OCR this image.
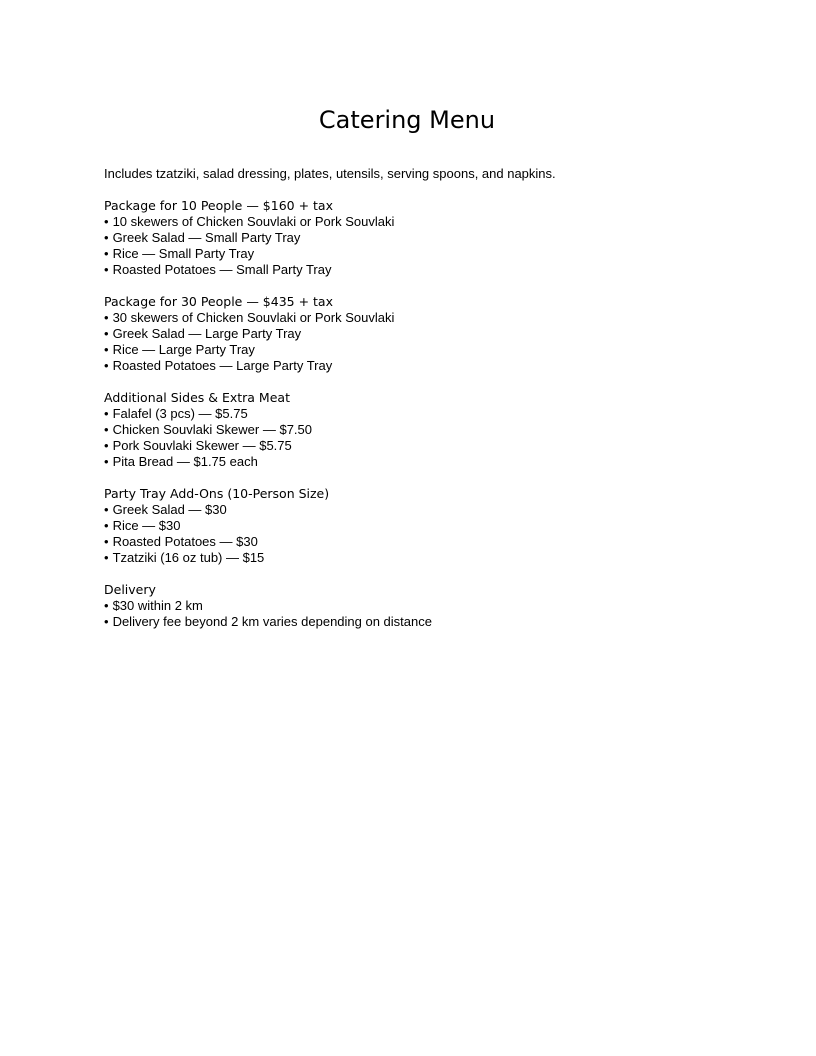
Catering Menu

Includes tzatziki, salad dressing, plates, utensils, serving spoons, and napkins.

Package for 10 People — $160 + tax
• 10 skewers of Chicken Souvlaki or Pork Souvlaki
• Greek Salad — Small Party Tray
• Rice — Small Party Tray
• Roasted Potatoes — Small Party Tray
Package for 30 People — $435 + tax
• 30 skewers of Chicken Souvlaki or Pork Souvlaki
• Greek Salad — Large Party Tray
• Rice — Large Party Tray
• Roasted Potatoes — Large Party Tray
Additional Sides & Extra Meat
• Falafel (3 pcs) — $5.75
• Chicken Souvlaki Skewer — $7.50
• Pork Souvlaki Skewer — $5.75
• Pita Bread — $1.75 each
Party Tray Add-Ons (10-Person Size)
• Greek Salad — $30
• Rice — $30
• Roasted Potatoes — $30
• Tzatziki (16 oz tub) — $15
Delivery
• $30 within 2 km
• Delivery fee beyond 2 km varies depending on distance
